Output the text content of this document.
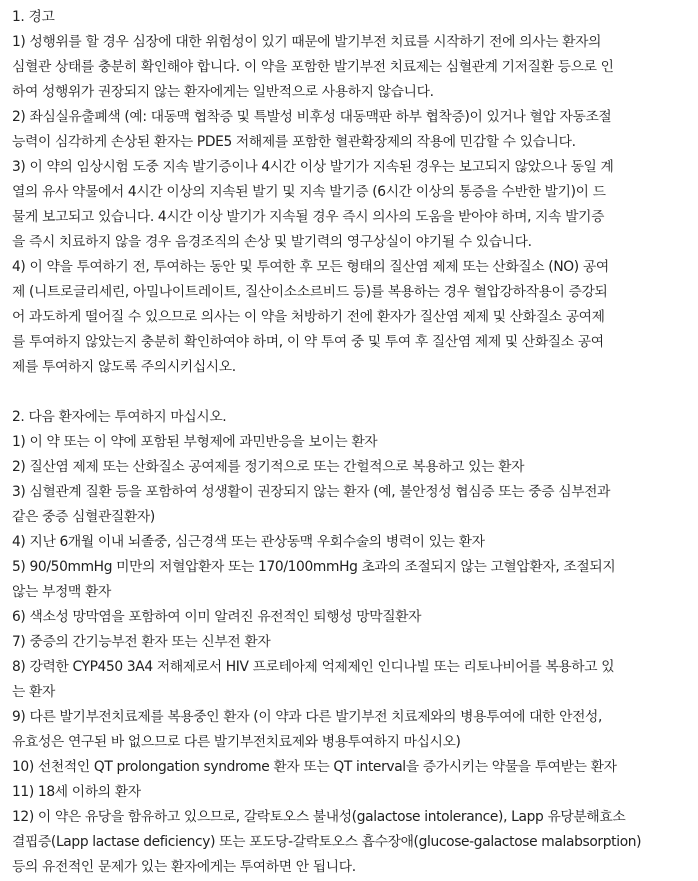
1. 경고
1) 성행위를 할 경우 심장에 대한 위험성이 있기 때문에 발기부전 치료를 시작하기 전에 의사는 환자의
심혈관 상태를 충분히 확인해야 합니다. 이 약을 포함한 발기부전 치료제는 심혈관계 기저질환 등으로 인
하여 성행위가 권장되지 않는 환자에게는 일반적으로 사용하지 않습니다.
2) 좌심실유출폐색 (예: 대동맥 협착증 및 특발성 비후성 대동맥판 하부 협착증)이 있거나 혈압 자동조절
능력이 심각하게 손상된 환자는 PDE5 저해제를 포함한 혈관확장제의 작용에 민감할 수 있습니다.
3) 이 약의 임상시험 도중 지속 발기증이나 4시간 이상 발기가 지속된 경우는 보고되지 않았으나 동일 계
열의 유사 약물에서 4시간 이상의 지속된 발기 및 지속 발기증 (6시간 이상의 통증을 수반한 발기)이 드
물게 보고되고 있습니다. 4시간 이상 발기가 지속될 경우 즉시 의사의 도움을 받아야 하며, 지속 발기증
을 즉시 치료하지 않을 경우 음경조직의 손상 및 발기력의 영구상실이 야기될 수 있습니다.
4) 이 약을 투여하기 전, 투여하는 동안 및 투여한 후 모든 형태의 질산염 제제 또는 산화질소 (NO) 공여
제 (니트로글리세린, 아밀나이트레이트, 질산이소소르비드 등)를 복용하는 경우 혈압강하작용이 증강되
어 과도하게 떨어질 수 있으므로 의사는 이 약을 처방하기 전에 환자가 질산염 제제 및 산화질소 공여제
를 투여하지 않았는지 충분히 확인하여야 하며, 이 약 투여 중 및 투여 후 질산염 제제 및 산화질소 공여
제를 투여하지 않도록 주의시키십시오.
2. 다음 환자에는 투여하지 마십시오.
1) 이 약 또는 이 약에 포함된 부형제에 과민반응을 보이는 환자
2) 질산염 제제 또는 산화질소 공여제를 정기적으로 또는 간헐적으로 복용하고 있는 환자
3) 심혈관계 질환 등을 포함하여 성생활이 권장되지 않는 환자 (예, 불안정성 협심증 또는 중증 심부전과
같은 중증 심혈관질환자)
4) 지난 6개월 이내 뇌졸중, 심근경색 또는 관상동맥 우회수술의 병력이 있는 환자
5) 90/50mmHg 미만의 저혈압환자 또는 170/100mmHg 초과의 조절되지 않는 고혈압환자, 조절되지
않는 부정맥 환자
6) 색소성 망막염을 포함하여 이미 알려진 유전적인 퇴행성 망막질환자
7) 중증의 간기능부전 환자 또는 신부전 환자
8) 강력한 CYP450 3A4 저해제로서 HIV 프로테아제 억제제인 인디나빌 또는 리토나비어를 복용하고 있
는 환자
9) 다른 발기부전치료제를 복용중인 환자 (이 약과 다른 발기부전 치료제와의 병용투여에 대한 안전성,
유효성은 연구된 바 없으므로 다른 발기부전치료제와 병용투여하지 마십시오)
10) 선천적인 QT prolongation syndrome 환자 또는 QT interval을 증가시키는 약물을 투여받는 환자
11) 18세 이하의 환자
12) 이 약은 유당을 함유하고 있으므로, 갈락토오스 불내성(galactose intolerance), Lapp 유당분해효소
결핍증(Lapp lactase deficiency) 또는 포도당-갈락토오스 흡수장애(glucose-galactose malabsorption)
등의 유전적인 문제가 있는 환자에게는 투여하면 안 됩니다.
